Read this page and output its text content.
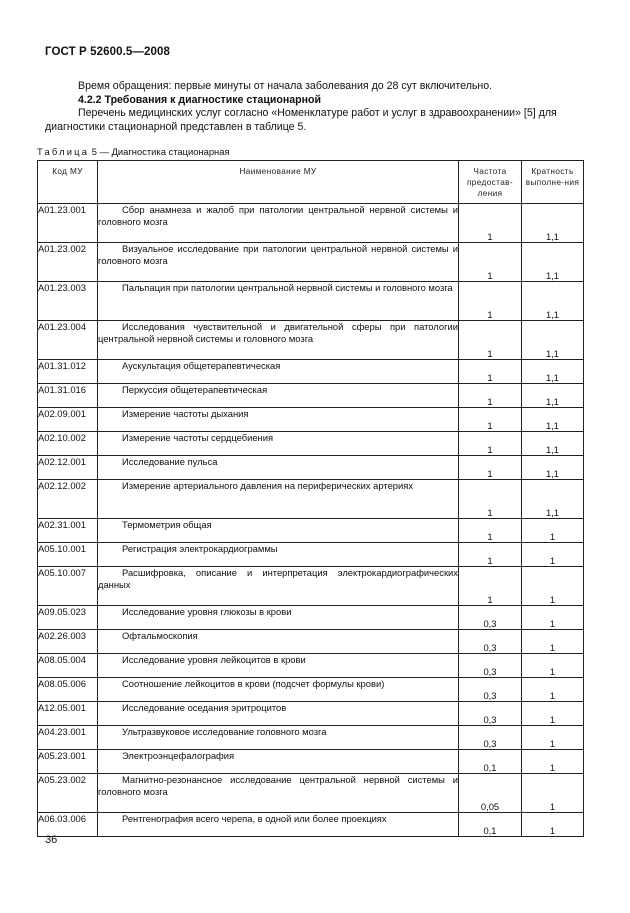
ГОСТ Р 52600.5—2008

Время обращения: первые минуты от начала заболевания до 28 сут включительно.

4.2.2 Требования к диагностике стационарной

Перечень медицинских услуг согласно «Номенклатуре работ и услуг в здравоохранении» [5] для диагностики стационарной представлен в таблице 5.

Таблица 5 — Диагностика стационарная
Код МУ	Наименование МУ	Частота предостав-ления	Кратность выполне-ния
A01.23.001	Сбор анамнеза и жалоб при патологии центральной нервной системы и головного мозга	1	1,1
A01.23.002	Визуальное исследование при патологии центральной нервной системы и головного мозга	1	1,1
A01.23.003	Пальпация при патологии центральной нервной системы и головного мозга	1	1,1
A01.23.004	Исследования чувствительной и двигательной сферы при патологии центральной нервной системы и головного мозга	1	1,1
A01.31.012	Аускультация общетерапевтическая	1	1,1
A01.31.016	Перкуссия общетерапевтическая	1	1,1
A02.09.001	Измерение частоты дыхания	1	1,1
A02.10.002	Измерение частоты сердцебиения	1	1,1
A02.12.001	Исследование пульса	1	1,1
A02.12.002	Измерение артериального давления на периферических артериях	1	1,1
A02.31.001	Термометрия общая	1	1
A05.10.001	Регистрация электрокардиограммы	1	1
A05.10.007	Расшифровка, описание и интерпретация электрокардиографических данных	1	1
A09.05.023	Исследование уровня глюкозы в крови	0,3	1
A02.26.003	Офтальмоскопия	0,3	1
A08.05.004	Исследование уровня лейкоцитов в крови	0,3	1
A08.05.006	Соотношение лейкоцитов в крови (подсчет формулы крови)	0,3	1
A12.05.001	Исследование оседания эритроцитов	0,3	1
A04.23.001	Ультразвуковое исследование головного мозга	0,3	1
A05.23.001	Электроэнцефалография	0,1	1
A05.23.002	Магнитно-резонансное исследование центральной нервной системы и головного мозга	0,05	1
A06.03.006	Рентгенография всего черепа, в одной или более проекциях	0,1	1
36
